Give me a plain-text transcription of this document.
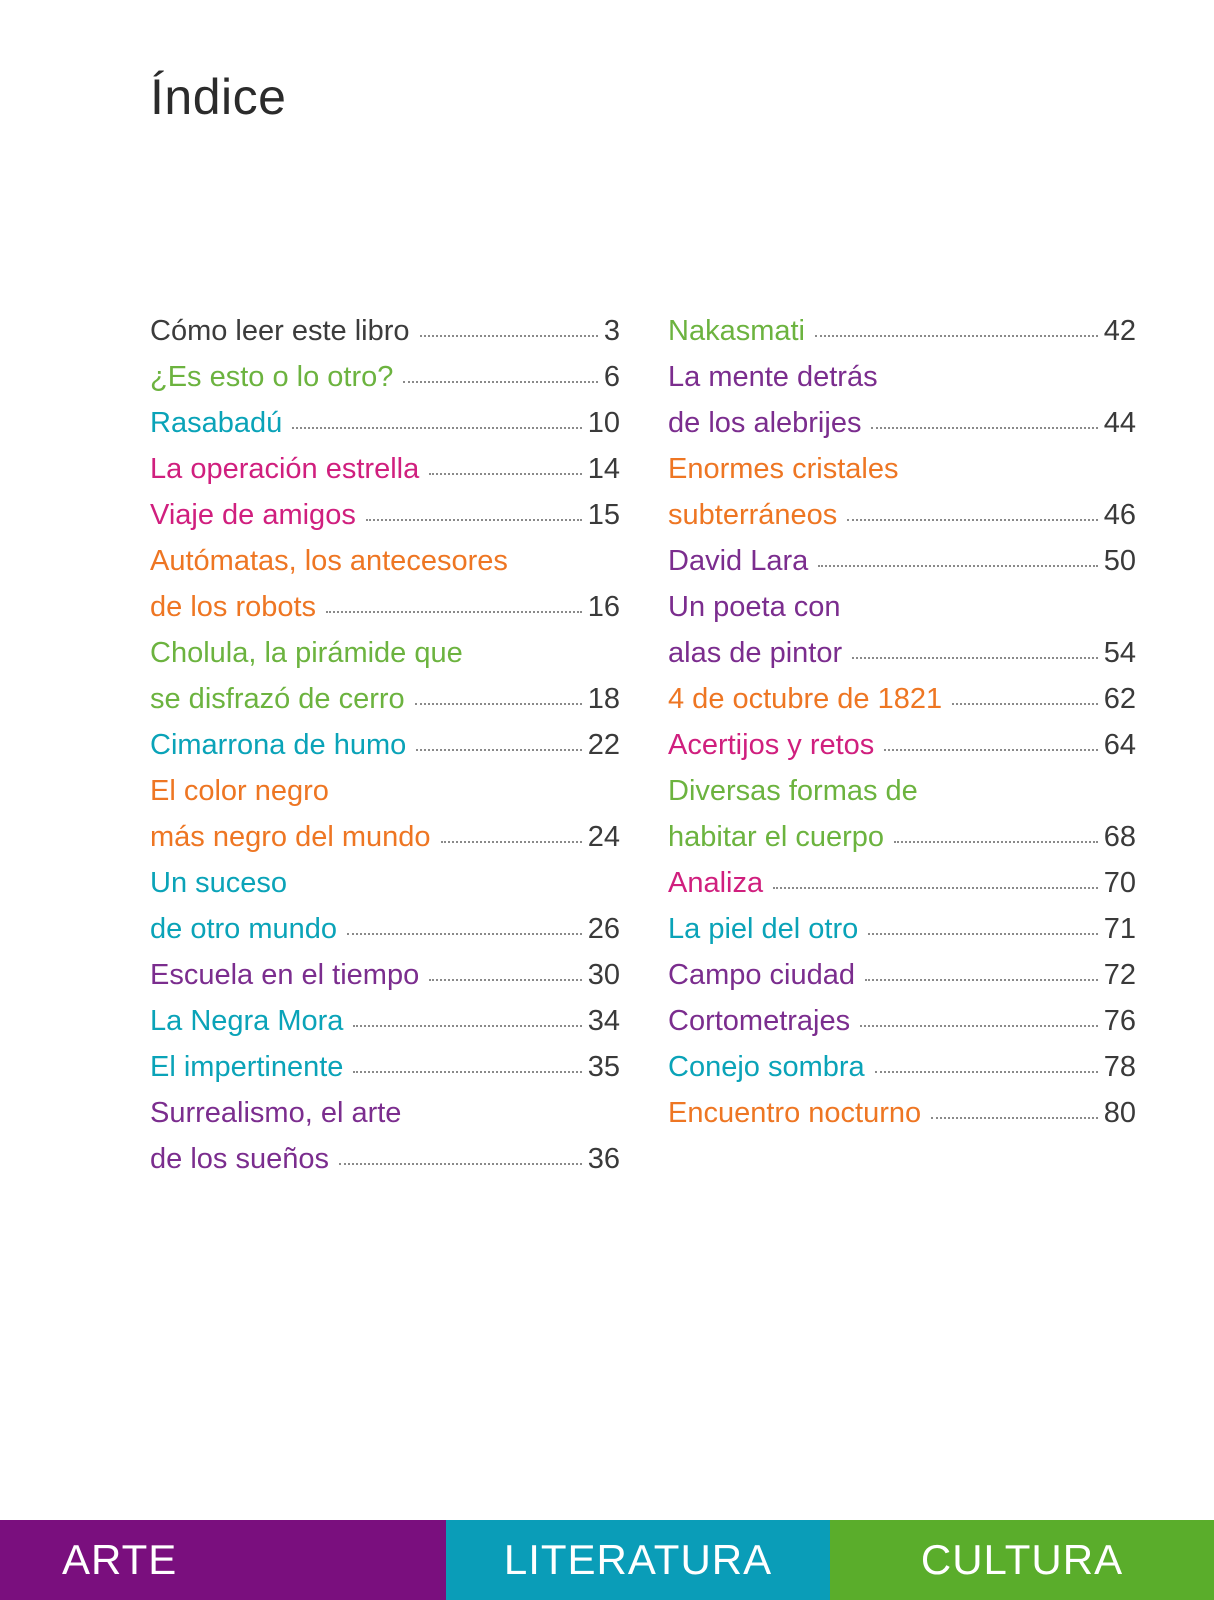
Índice
Cómo leer este libro	3
¿Es esto o lo otro?	6
Rasabadú	10
La operación estrella	14
Viaje de amigos	15
Autómatas, los antecesores
de los robots	16
Cholula, la pirámide que
se disfrazó de cerro	18
Cimarrona de humo	22
El color negro
más negro del mundo	24
Un suceso
de otro mundo	26
Escuela en el tiempo	30
La Negra Mora	34
El impertinente	35
Surrealismo, el arte
de los sueños	36
Nakasmati	42
La mente detrás
de los alebrijes	44
Enormes cristales
subterráneos	46
David Lara	50
Un poeta con
alas de pintor	54
4 de octubre de 1821	62
Acertijos y retos	64
Diversas formas de
habitar el cuerpo	68
Analiza	70
La piel del otro	71
Campo ciudad	72
Cortometrajes	76
Conejo sombra	78
Encuentro nocturno	80
ARTE	LITERATURA	CULTURA
